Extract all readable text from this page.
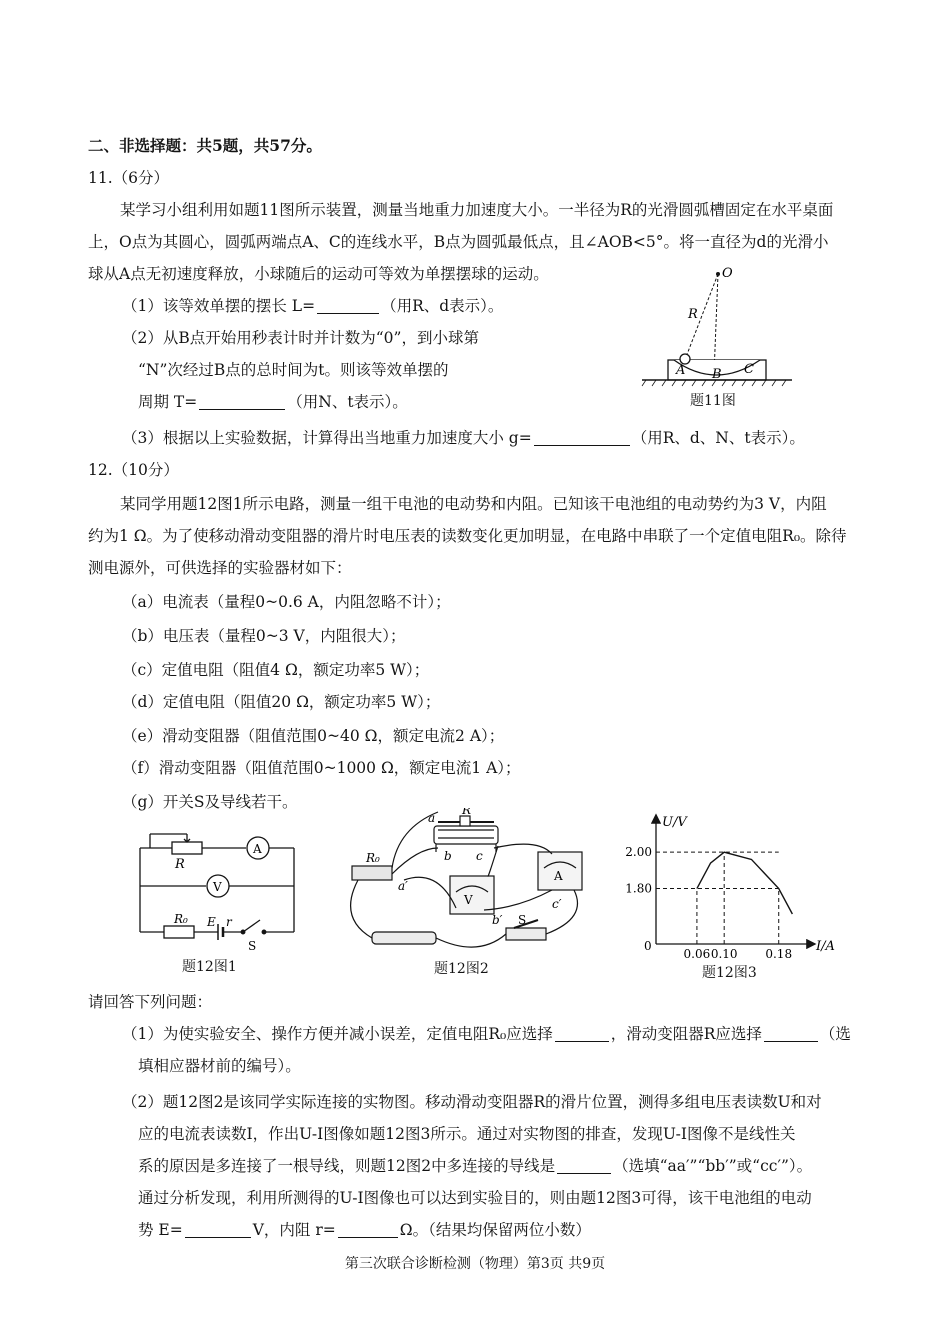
二、非选择题：共5题，共57分。
11.（6分）
某学习小组利用如题11图所示装置，测量当地重力加速度大小。一半径为R的光滑圆弧槽固定在水平桌面
上，O点为其圆心，圆弧两端点A、C的连线水平，B点为圆弧最低点，且∠AOB<5°。将一直径为d的光滑小
球从A点无初速度释放，小球随后的运动可等效为单摆摆球的运动。
（1）该等效单摆的摆长 L=	（用R、d表示）。
（2）从B点开始用秒表计时并计数为“0”，到小球第
“N”次经过B点的总时间为t。则该等效单摆的
周期 T=	（用N、t表示）。
（3）根据以上实验数据，计算得出当地重力加速度大小 g=	（用R、d、N、t表示）。
O
R
A B C
题11图
12.（10分）
某同学用题12图1所示电路，测量一组干电池的电动势和内阻。已知该干电池组的电动势约为3 V，内阻
约为1 Ω。为了使移动滑动变阻器的滑片时电压表的读数变化更加明显，在电路中串联了一个定值电阻R₀。除待
测电源外，可供选择的实验器材如下：
（a）电流表（量程0~0.6 A，内阻忽略不计）；
（b）电压表（量程0~3 V，内阻很大）；
（c）定值电阻（阻值4 Ω，额定功率5 W）；
（d）定值电阻（阻值20 Ω，额定功率5 W）；
（e）滑动变阻器（阻值范围0~40 Ω，额定电流2 A）；
（f）滑动变阻器（阻值范围0~1000 Ω，额定电流1 A）；
（g）开关S及导线若干。
R
A
V
R₀ E r
S
题12图1
a
R
b c
R₀
a′
V
b′
A
c′
S
题12图2
1.80
2.00
0.06 0.10 0.18
0
U/V
I/A
题12图3
请回答下列问题：
（1）为使实验安全、操作方便并减小误差，定值电阻R₀应选择	，滑动变阻器R应选择	（选
填相应器材前的编号）。
（2）题12图2是该同学实际连接的实物图。移动滑动变阻器R的滑片位置，测得多组电压表读数U和对
应的电流表读数I，作出U-I图像如题12图3所示。通过对实物图的排查，发现U-I图像不是线性关
系的原因是多连接了一根导线，则题12图2中多连接的导线是	（选填“aa′”“bb′”或“cc′”）。
通过分析发现，利用所测得的U-I图像也可以达到实验目的，则由题12图3可得，该干电池组的电动
势 E=	V，内阻 r=	Ω。（结果均保留两位小数）
第三次联合诊断检测（物理）第3页 共9页
